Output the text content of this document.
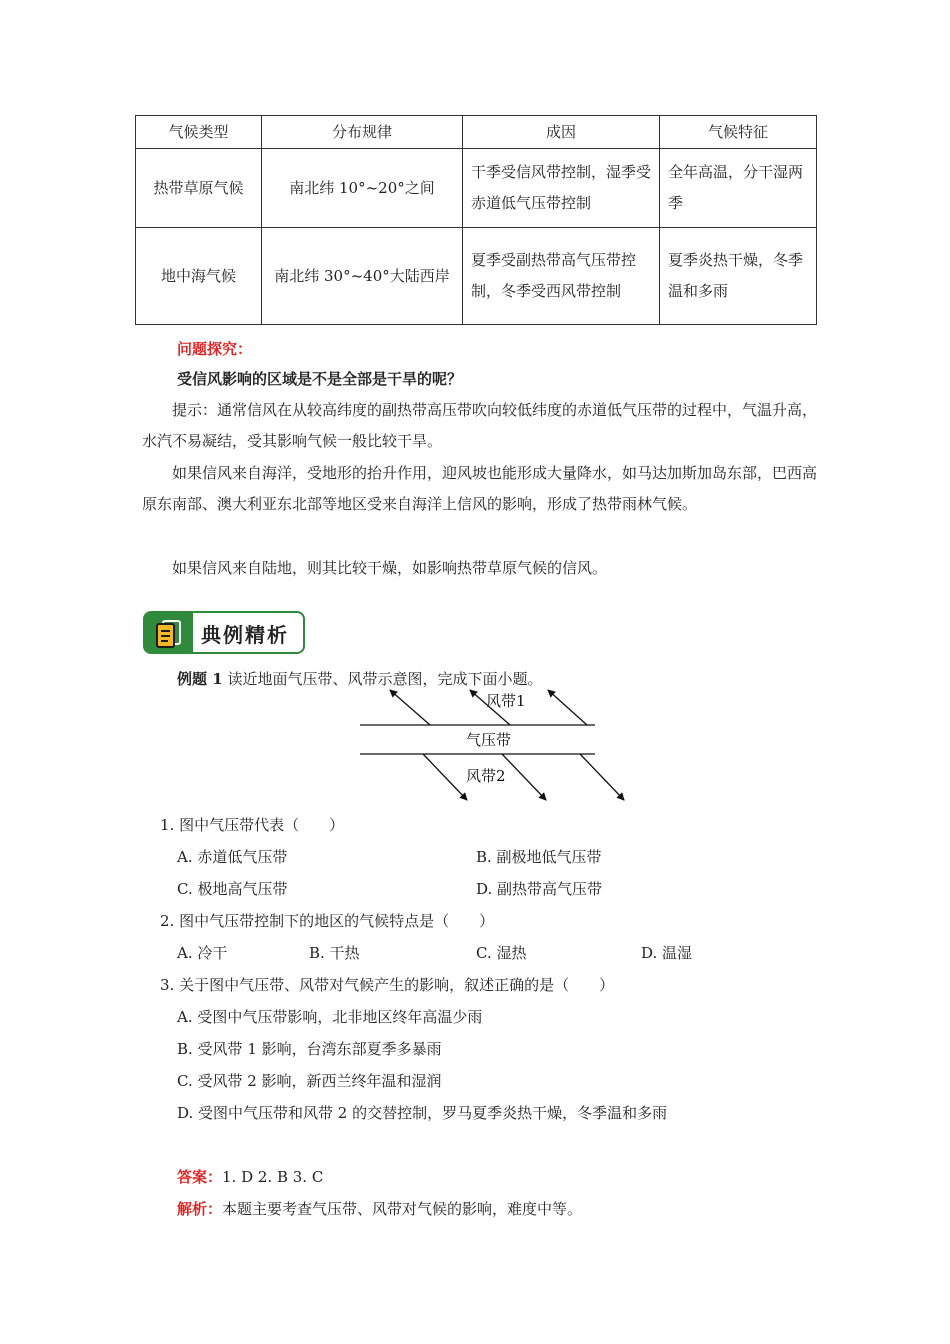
气候类型	分布规律	成因	气候特征
热带草原气候	南北纬 10°~20°之间	干季受信风带控制，湿季受赤道低气压带控制	全年高温，分干湿两季
地中海气候	南北纬 30°~40°大陆西岸	夏季受副热带高气压带控制，冬季受西风带控制	夏季炎热干燥，冬季温和多雨
问题探究：
受信风影响的区域是不是全部是干旱的呢？
提示：通常信风在从较高纬度的副热带高压带吹向较低纬度的赤道低气压带的过程中，气温升高，水汽不易凝结，受其影响气候一般比较干旱。
如果信风来自海洋，受地形的抬升作用，迎风坡也能形成大量降水，如马达加斯加岛东部，巴西高原东南部、澳大利亚东北部等地区受来自海洋上信风的影响，形成了热带雨林气候。
如果信风来自陆地，则其比较干燥，如影响热带草原气候的信风。
典例精析
例题 1 读近地面气压带、风带示意图，完成下面小题。
风带1
气压带
风带2
1. 图中气压带代表（　　）
A. 赤道低气压带	B. 副极地低气压带
C. 极地高气压带	D. 副热带高气压带
2. 图中气压带控制下的地区的气候特点是（　　）
A. 冷干	B. 干热	C. 湿热	D. 温湿
3. 关于图中气压带、风带对气候产生的影响，叙述正确的是（　　）
A. 受图中气压带影响，北非地区终年高温少雨
B. 受风带 1 影响，台湾东部夏季多暴雨
C. 受风带 2 影响，新西兰终年温和湿润
D. 受图中气压带和风带 2 的交替控制，罗马夏季炎热干燥，冬季温和多雨
答案：1. D 2. B 3. C
解析：本题主要考查气压带、风带对气候的影响，难度中等。
